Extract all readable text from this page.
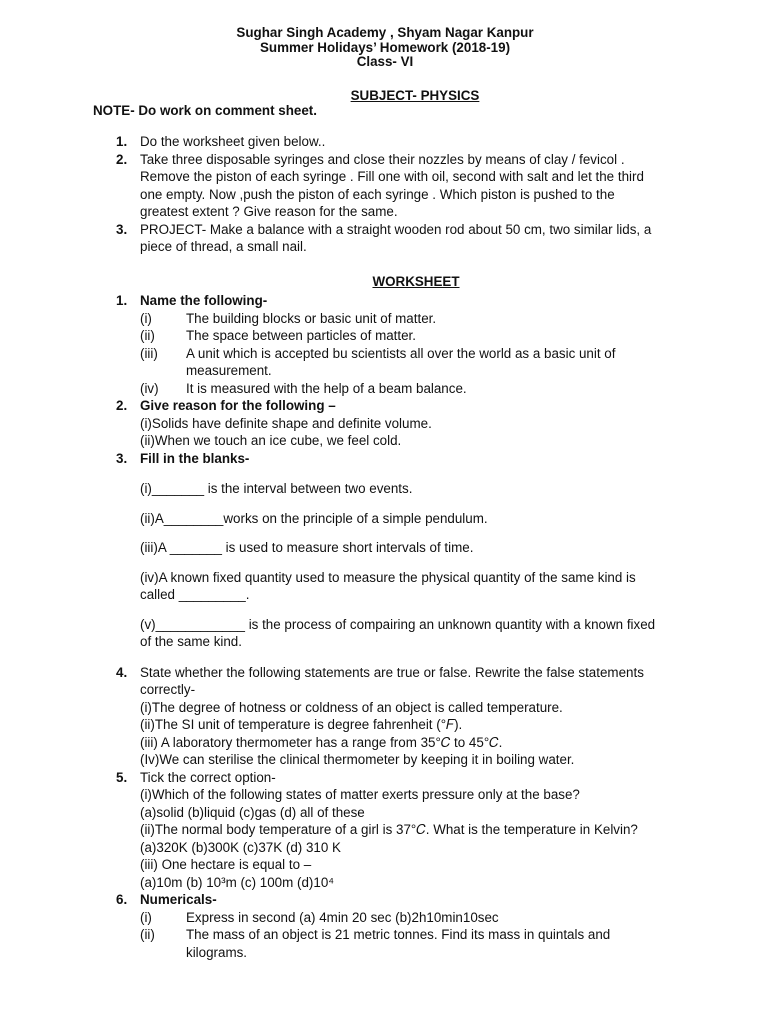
Sughar Singh Academy , Shyam Nagar Kanpur
Summer Holidays’ Homework (2018-19)
Class- VI
SUBJECT- PHYSICS
NOTE- Do work on comment sheet.
1. Do the worksheet given below..
2. Take three disposable syringes and close their nozzles by means of clay / fevicol .
Remove the piston of each syringe . Fill one with oil, second with salt and let the third
one empty. Now ,push the piston of each syringe . Which piston is pushed to the
greatest extent ? Give reason for the same.
3. PROJECT- Make a balance with a straight wooden rod about 50 cm, two similar lids, a
piece of thread, a small nail.
WORKSHEET
1. Name the following-
(i)	The building blocks or basic unit of matter.
(ii) The space between particles of matter.
(iii) A unit which is accepted bu scientists all over the world as a basic unit of
measurement.
(iv) It is measured with the help of a beam balance.
2. Give reason for the following –
(i)Solids have definite shape and definite volume.
(ii)When we touch an ice cube, we feel cold.
3. Fill in the blanks-
(i)_______ is the interval between two events.
(ii)A________works on the principle of a simple pendulum.
(iii)A _______ is used to measure short intervals of time.
(iv)A known fixed quantity used to measure the physical quantity of the same kind is
called _________.
(v)____________ is the process of compairing an unknown quantity with a known fixed
of the same kind.
4. State whether the following statements are true or false. Rewrite the false statements
correctly-
(i)The degree of hotness or coldness of an object is called temperature.
(ii)The SI unit of temperature is degree fahrenheit (°𝐹).
(iii) A laboratory thermometer has a range from 35°𝐶 to 45°𝐶.
(Iv)We can sterilise the clinical thermometer by keeping it in boiling water.
5. Tick the correct option-
(i)Which of the following states of matter exerts pressure only at the base?
(a)solid (b)liquid (c)gas (d) all of these
(ii)The normal body temperature of a girl is 37°𝐶. What is the temperature in Kelvin?
(a)320K (b)300K (c)37K (d) 310 K
(iii) One hectare is equal to –
(a)10m (b) 10³m (c) 100m (d)10⁴
6. Numericals-
(i)	Express in second (a) 4min 20 sec (b)2h10min10sec
(ii) The mass of an object is 21 metric tonnes. Find its mass in quintals and
kilograms.
